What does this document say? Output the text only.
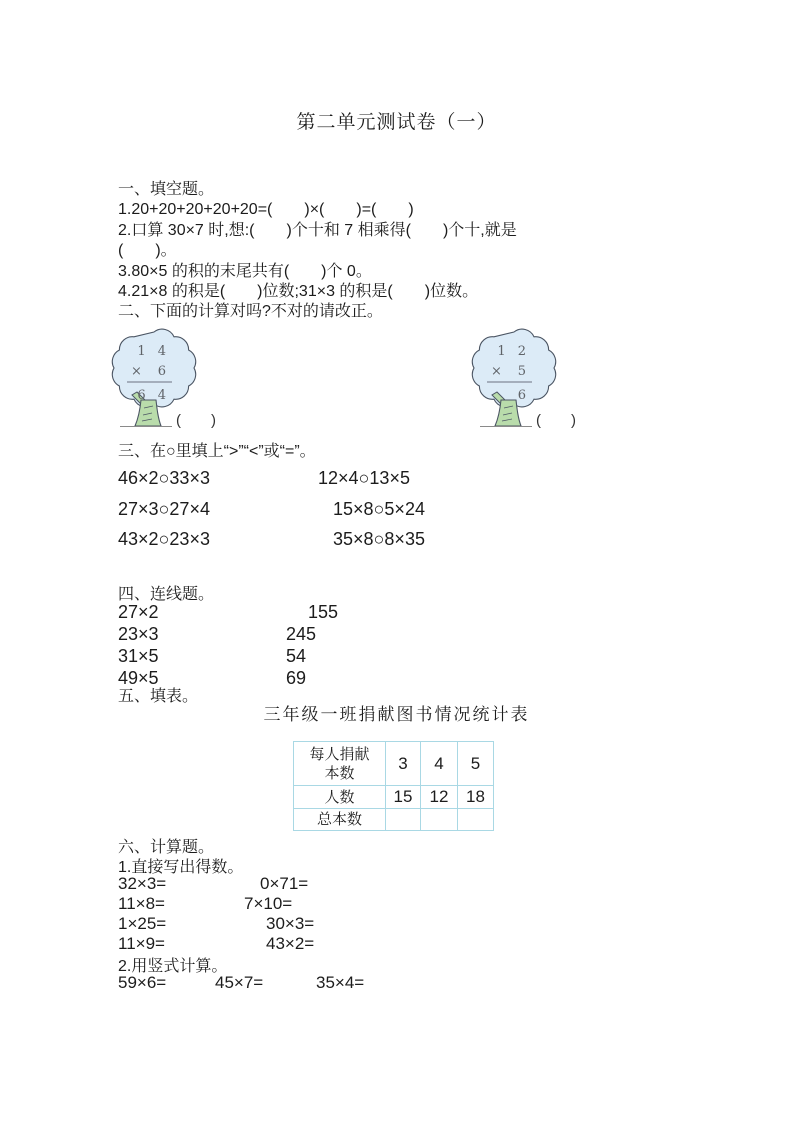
第二单元测试卷（一）
一、填空题。
1.20+20+20+20+20=(　　)×(　　)=(　　)
2.口算 30×7 时,想:(　　)个十和 7 相乘得(　　)个十,就是
(　　)。
3.80×5 的积的末尾共有(　　)个 0。
4.21×8 的积是(　　)位数;31×3 的积是(　　)位数。
二、下面的计算对吗?不对的请改正。
1 4
× 6
6 4
(　　)
1 2
× 5
6
(　　)
三、在○里填上“>”“<”或“=”。
46×2○33×3	12×4○13×5
27×3○27×4	15×8○5×24
43×2○23×3	35×8○8×35
四、连线题。
27×2	155
23×3	245
31×5	54
49×5	69
五、填表。
三年级一班捐献图书情况统计表
每人捐献
本数	3	4	5
人数	15	12	18
总本数			
六、计算题。
1.直接写出得数。
32×3=	0×71=
11×8=	7×10=
1×25=	30×3=
11×9=	43×2=
2.用竖式计算。
59×6=	45×7=	35×4=
